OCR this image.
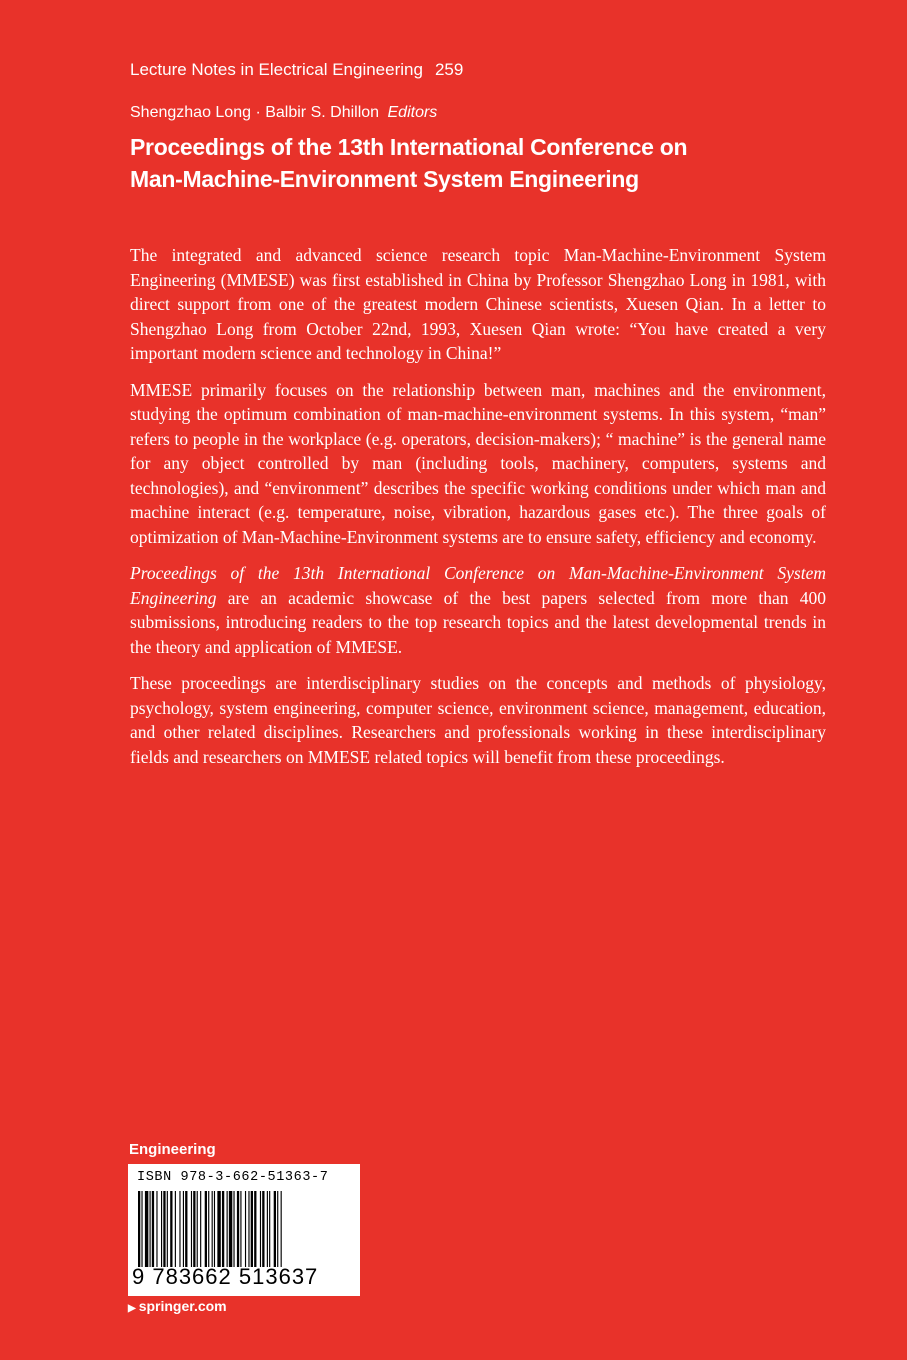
Lecture Notes in Electrical Engineering 259
Shengzhao Long · Balbir S. Dhillon Editors
Proceedings of the 13th International Conference on
Man-Machine-Environment System Engineering

The integrated and advanced science research topic Man-Machine-Environment System Engineering (MMESE) was first established in China by Professor Shengzhao Long in 1981, with direct support from one of the greatest modern Chinese scientists, Xuesen Qian. In a letter to Shengzhao Long from October 22nd, 1993, Xuesen Qian wrote: “You have created a very important modern science and technology in China!”

MMESE primarily focuses on the relationship between man, machines and the environment, studying the optimum combination of man-machine-environment systems. In this system, “man” refers to people in the workplace (e.g. operators, decision-makers); “ machine” is the general name for any object controlled by man (including tools, machinery, computers, systems and technologies), and “environment” describes the specific working conditions under which man and machine interact (e.g. temperature, noise, vibration, hazardous gases etc.). The three goals of optimization of Man-Machine-Environment systems are to ensure safety, efficiency and economy.

Proceedings of the 13th International Conference on Man-Machine-Environment System Engineering are an academic showcase of the best papers selected from more than 400 submissions, introducing readers to the top research topics and the latest developmental trends in the theory and application of MMESE.

These proceedings are interdisciplinary studies on the concepts and methods of physiology, psychology, system engineering, computer science, environment science, management, education, and other related disciplines. Researchers and professionals working in these interdisciplinary fields and researchers on MMESE related topics will benefit from these proceedings.

Engineering
ISBN 978-3-662-51363-7
9 783662 513637
▶ springer.com
